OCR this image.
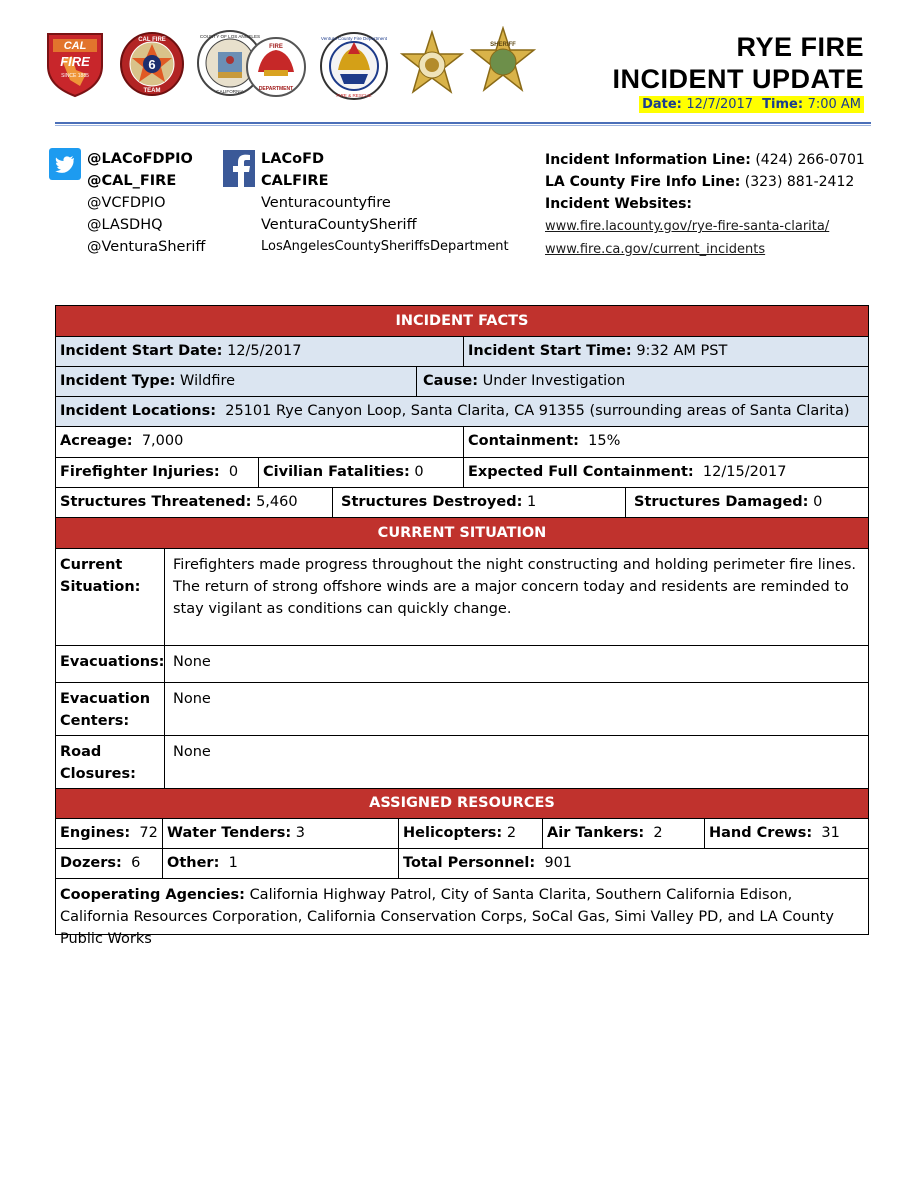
CAL
FIRE
SINCE 1885
6
CAL FIRE
TEAM
COUNTY OF LOS ANGELES
CALIFORNIA
FIRE
DEPARTMENT
Ventura County Fire Department
FIRE & RESCUE
SHERIFF	RYE FIRE
INCIDENT UPDATE
Date: 12/7/2017 Time: 7:00 AM
@LACoFDPIO
@CAL_FIRE
@VCFDPIO
@LASDHQ
@VenturaSheriff
LACoFD
CALFIRE
Venturacountyfire
VenturaCountySheriff
LosAngelesCountySheriffsDepartment
Incident Information Line: (424) 266-0701
LA County Fire Info Line: (323) 881-2412
Incident Websites:
www.fire.lacounty.gov/rye-fire-santa-clarita/
www.fire.ca.gov/current_incidents
INCIDENT FACTS
Incident Start Date: 12/5/2017	Incident Start Time: 9:32 AM PST
Incident Type: Wildfire	Cause: Under Investigation
Incident Locations: 25101 Rye Canyon Loop, Santa Clarita, CA 91355 (surrounding areas of Santa Clarita)
Acreage: 7,000	Containment: 15%
Firefighter Injuries: 0	Civilian Fatalities: 0	Expected Full Containment: 12/15/2017
Structures Threatened: 5,460	Structures Destroyed: 1	Structures Damaged: 0
CURRENT SITUATION
Current Situation:
Firefighters made progress throughout the night constructing and holding perimeter fire lines. The return of strong offshore winds are a major concern today and residents are reminded to stay vigilant as conditions can quickly change.
Evacuations: None
Evacuation Centers:
None
Road Closures:
None
ASSIGNED RESOURCES
Engines: 72 Water Tenders: 3	Helicopters: 2	Air Tankers: 2	Hand Crews: 31
Dozers: 6	Other: 1	Total Personnel: 901
Cooperating Agencies: California Highway Patrol, City of Santa Clarita, Southern California Edison, California Resources Corporation, California Conservation Corps, SoCal Gas, Simi Valley PD, and LA County Public Works
